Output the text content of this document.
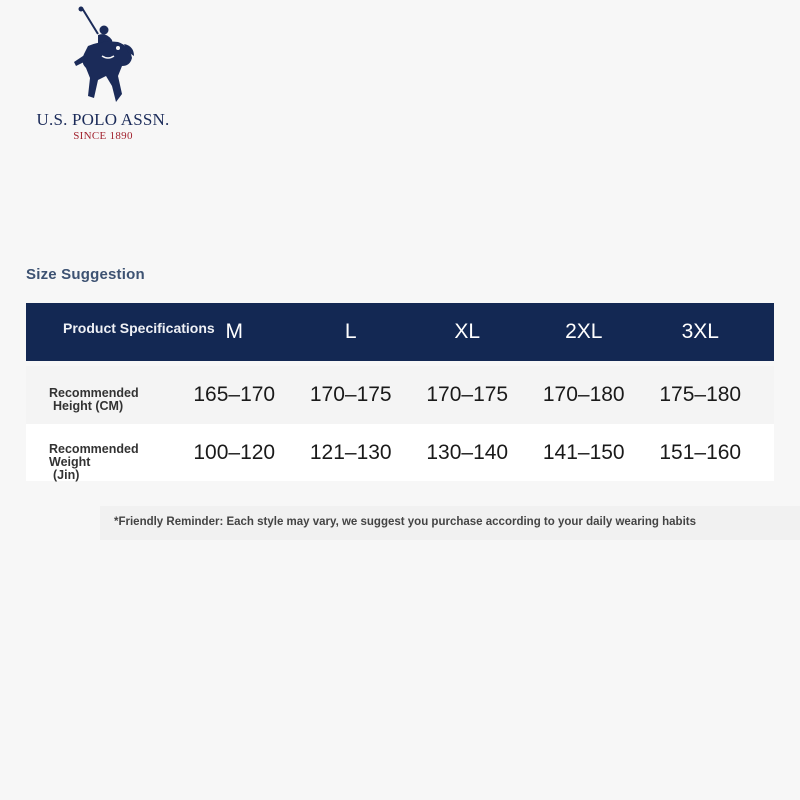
U.S. POLO ASSN.
SINCE 1890
Size Suggestion
Product Specifications M	L	XL	2XL	3XL
Recommended
Height (CM)	165–170	170–175	170–175	170–180	175–180
Recommended Weight
(Jin)
100–120	121–130	130–140	141–150	151–160
*Friendly Reminder: Each style may vary, we suggest you purchase according to your daily wearing habits
